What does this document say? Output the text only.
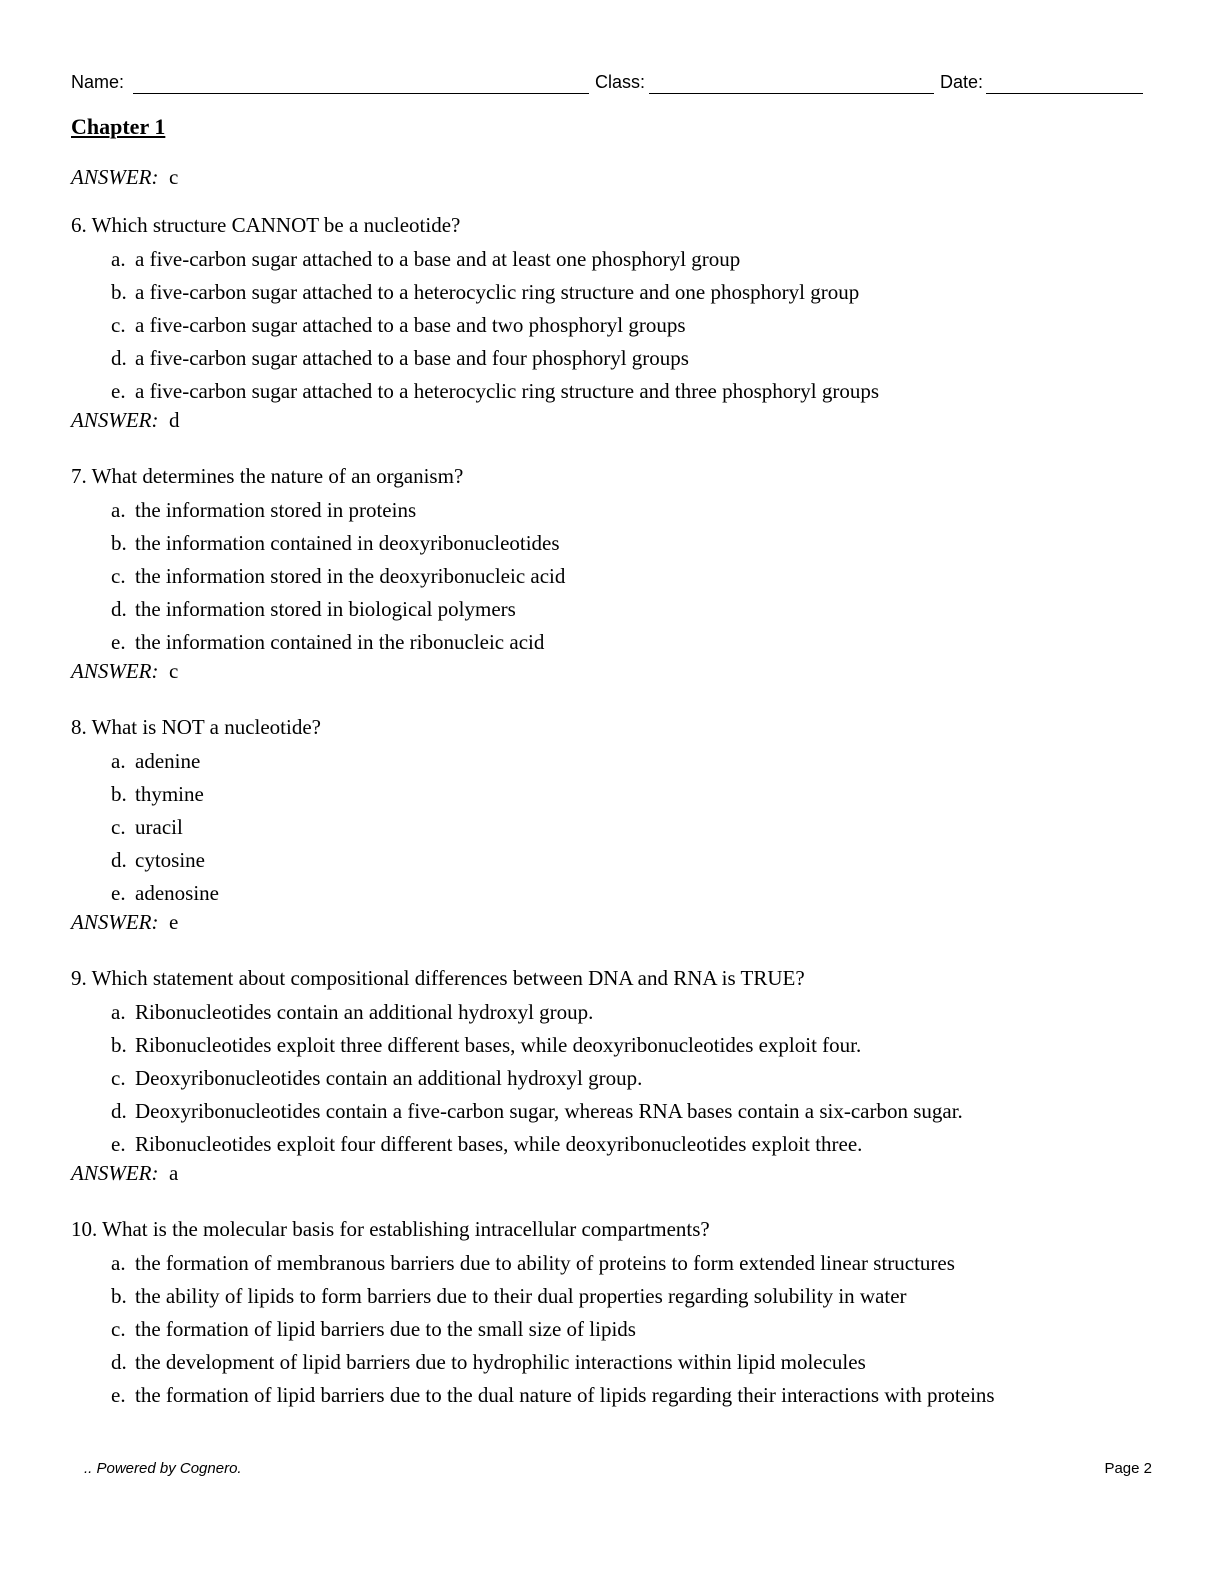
Name:	Class:	Date:
Chapter 1

ANSWER: c

6. Which structure CANNOT be a nucleotide?

a. a five-carbon sugar attached to a base and at least one phosphoryl group
b. a five-carbon sugar attached to a heterocyclic ring structure and one phosphoryl group
c. a five-carbon sugar attached to a base and two phosphoryl groups
d. a five-carbon sugar attached to a base and four phosphoryl groups
e. a five-carbon sugar attached to a heterocyclic ring structure and three phosphoryl groups

ANSWER: d

7. What determines the nature of an organism?

a. the information stored in proteins
b. the information contained in deoxyribonucleotides
c. the information stored in the deoxyribonucleic acid
d. the information stored in biological polymers
e. the information contained in the ribonucleic acid

ANSWER: c

8. What is NOT a nucleotide?

a. adenine
b. thymine
c. uracil
d. cytosine
e. adenosine

ANSWER: e

9. Which statement about compositional differences between DNA and RNA is TRUE?

a. Ribonucleotides contain an additional hydroxyl group.
b. Ribonucleotides exploit three different bases, while deoxyribonucleotides exploit four.
c. Deoxyribonucleotides contain an additional hydroxyl group.
d. Deoxyribonucleotides contain a five-carbon sugar, whereas RNA bases contain a six-carbon sugar.
e. Ribonucleotides exploit four different bases, while deoxyribonucleotides exploit three.

ANSWER: a

10. What is the molecular basis for establishing intracellular compartments?

a. the formation of membranous barriers due to ability of proteins to form extended linear structures
b. the ability of lipids to form barriers due to their dual properties regarding solubility in water
c. the formation of lipid barriers due to the small size of lipids
d. the development of lipid barriers due to hydrophilic interactions within lipid molecules
e. the formation of lipid barriers due to the dual nature of lipids regarding their interactions with proteins
.. Powered by Cognero.	Page 2
